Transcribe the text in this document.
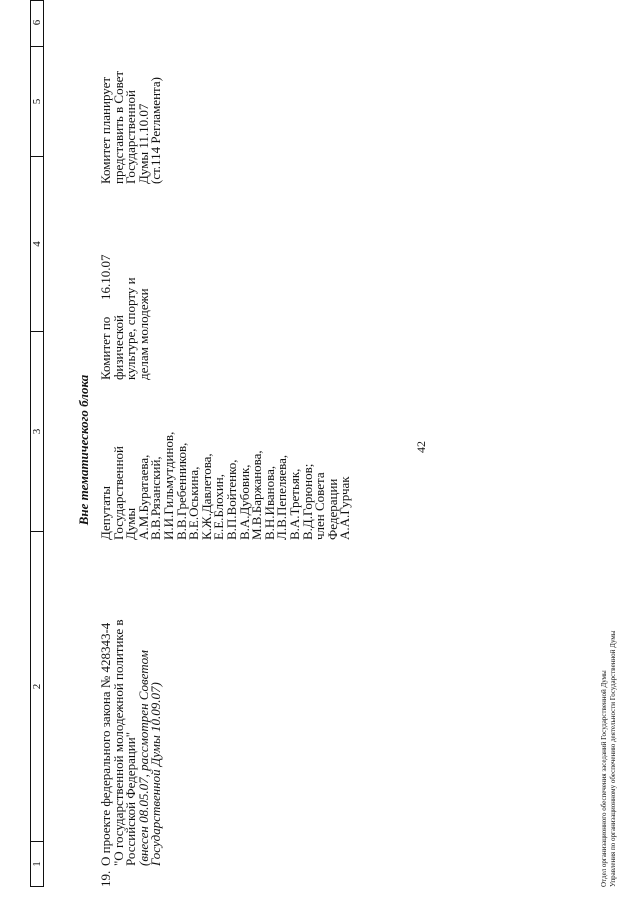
42
1
2
3
4
5
6
Вне тематического блока
19.
О проекте федерального закона № 428343-4
"О государственной молодежной политике в
Российской Федерации"
(внесен 08.05.07, рассмотрен Советом
Государственной Думы 10.09.07)
Депутаты
Государственной
Думы
А.М.Буратаева,
В.В.Рязанский,
И.И.Гильмутдинов,
В.В.Гребенников,
В.Е.Оськина,
К.Ж.Давлетова,
Е.Е.Блохин,
В.П.Войтенко,
В.А.Дубовик,
М.В.Баржанова,
В.Н.Иванова,
Л.В.Пепеляева,
В.А.Третьяк,
В.Д.Горюнов;
член Совета
Федерации
А.А.Гурчак
Комитет по
физической
культуре, спорту и
делам молодежи
16.10.07
Комитет планирует
представить в Совет
Государственной
Думы 11.10.07
(ст.114 Регламента)
Отдел организационного обеспечения заседаний Государственной Думы Управления по организационному обеспечению деятельности Государственной Думы
